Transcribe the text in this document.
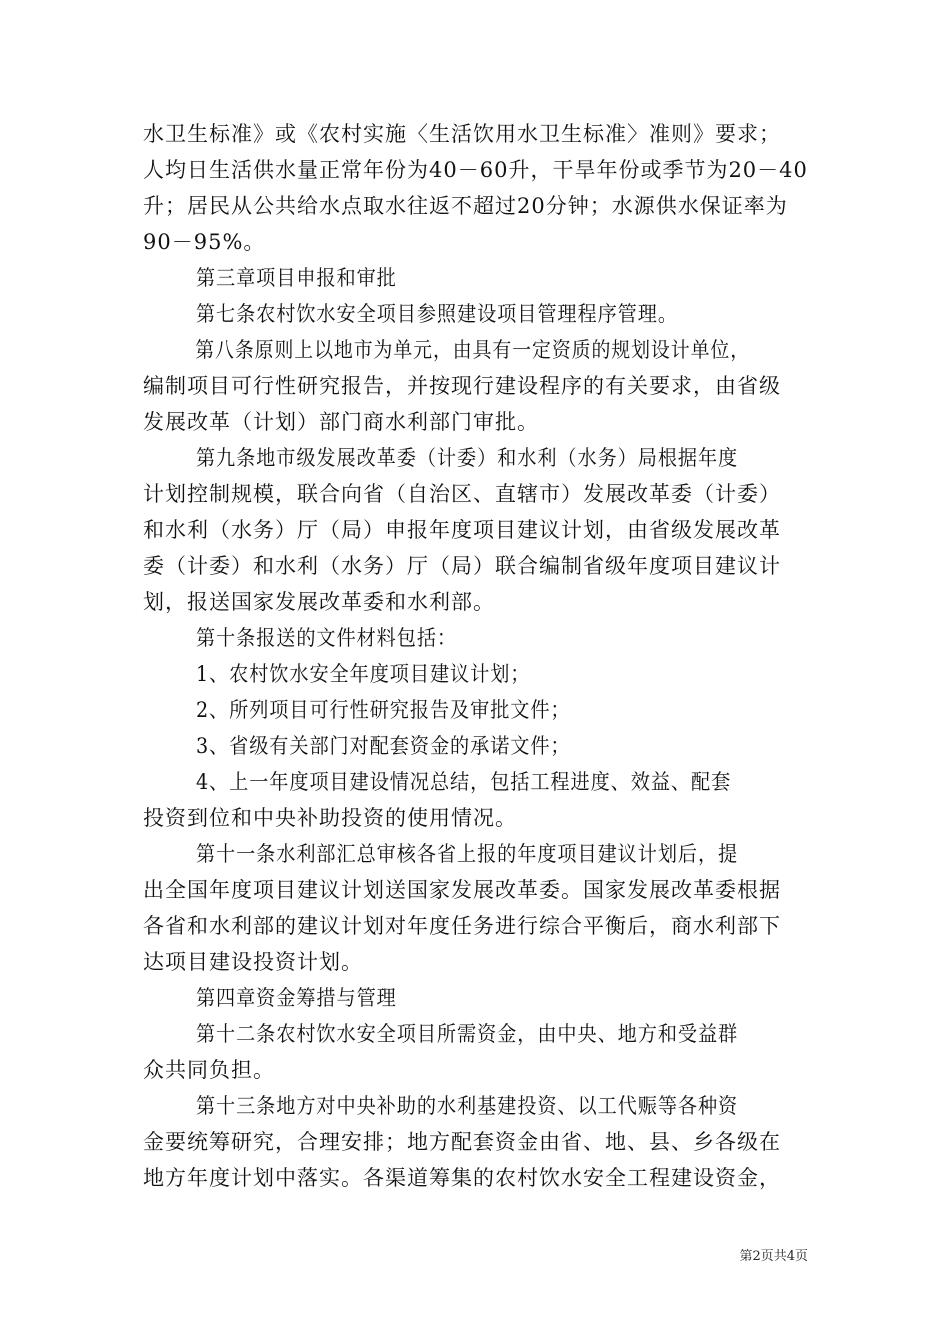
水卫生标准》或《农村实施〈生活饮用水卫生标准〉准则》要求；
人均日生活供水量正常年份为40－60升，干旱年份或季节为20－40
升；居民从公共给水点取水往返不超过20分钟；水源供水保证率为
90－95%。
第三章项目申报和审批
第七条农村饮水安全项目参照建设项目管理程序管理。
第八条原则上以地市为单元，由具有一定资质的规划设计单位，
编制项目可行性研究报告，并按现行建设程序的有关要求，由省级
发展改革（计划）部门商水利部门审批。
第九条地市级发展改革委（计委）和水利（水务）局根据年度
计划控制规模，联合向省（自治区、直辖市）发展改革委（计委）
和水利（水务）厅（局）申报年度项目建议计划，由省级发展改革
委（计委）和水利（水务）厅（局）联合编制省级年度项目建议计
划，报送国家发展改革委和水利部。
第十条报送的文件材料包括：
1、农村饮水安全年度项目建议计划；
2、所列项目可行性研究报告及审批文件；
3、省级有关部门对配套资金的承诺文件；
4、上一年度项目建设情况总结，包括工程进度、效益、配套
投资到位和中央补助投资的使用情况。
第十一条水利部汇总审核各省上报的年度项目建议计划后，提
出全国年度项目建议计划送国家发展改革委。国家发展改革委根据
各省和水利部的建议计划对年度任务进行综合平衡后，商水利部下
达项目建设投资计划。
第四章资金筹措与管理
第十二条农村饮水安全项目所需资金，由中央、地方和受益群
众共同负担。
第十三条地方对中央补助的水利基建投资、以工代赈等各种资
金要统筹研究，合理安排；地方配套资金由省、地、县、乡各级在
地方年度计划中落实。各渠道筹集的农村饮水安全工程建设资金，
第2页共4页
